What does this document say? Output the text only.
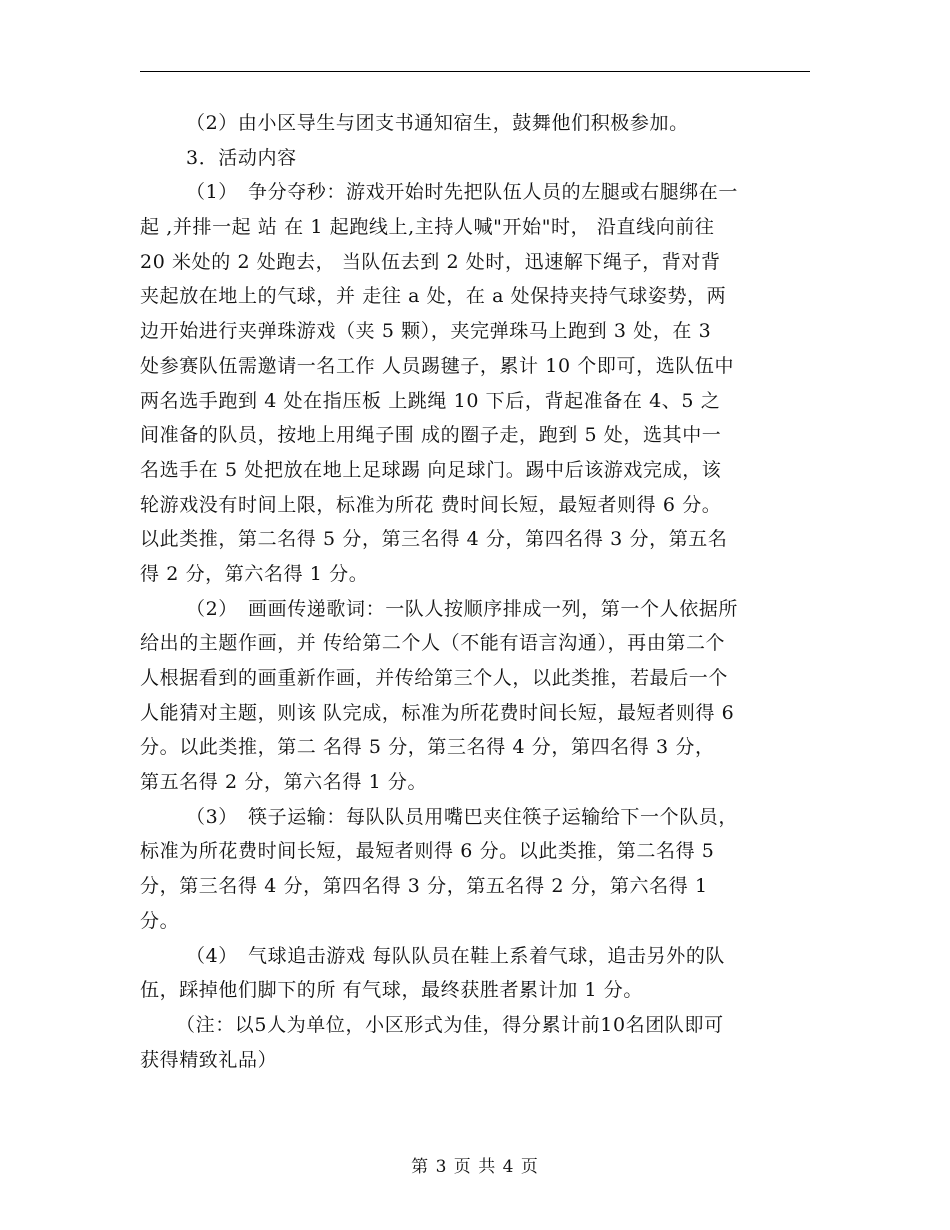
（2）由小区导生与团支书通知宿生，鼓舞他们积极参加。
3．活动内容
（1）　争分夺秒：游戏开始时先把队伍人员的左腿或右腿绑在一
起 ,并排一起 站 在 1 起跑线上,主持人喊"开始"时， 沿直线向前往
20 米处的 2 处跑去， 当队伍去到 2 处时，迅速解下绳子，背对背
夹起放在地上的气球，并 走往 a 处，在 a 处保持夹持气球姿势，两
边开始进行夹弹珠游戏（夹 5 颗），夹完弹珠马上跑到 3 处，在 3
处参赛队伍需邀请一名工作 人员踢毽子，累计 10 个即可，选队伍中
两名选手跑到 4 处在指压板 上跳绳 10 下后，背起准备在 4、5 之
间准备的队员，按地上用绳子围 成的圈子走，跑到 5 处，选其中一
名选手在 5 处把放在地上足球踢 向足球门。踢中后该游戏完成，该
轮游戏没有时间上限，标准为所花 费时间长短，最短者则得 6 分。
以此类推，第二名得 5 分，第三名得 4 分，第四名得 3 分，第五名
得 2 分，第六名得 1 分。
（2）　画画传递歌词：一队人按顺序排成一列，第一个人依据所
给出的主题作画，并 传给第二个人（不能有语言沟通），再由第二个
人根据看到的画重新作画，并传给第三个人，以此类推，若最后一个
人能猜对主题，则该 队完成，标准为所花费时间长短，最短者则得 6
分。以此类推，第二 名得 5 分，第三名得 4 分，第四名得 3 分，
第五名得 2 分，第六名得 1 分。
（3）　筷子运输：每队队员用嘴巴夹住筷子运输给下一个队员，
标准为所花费时间长短，最短者则得 6 分。以此类推，第二名得 5
分，第三名得 4 分，第四名得 3 分，第五名得 2 分，第六名得 1
分。
（4）　气球追击游戏 每队队员在鞋上系着气球，追击另外的队
伍，踩掉他们脚下的所 有气球，最终获胜者累计加 1 分。
（注：以5人为单位，小区形式为佳，得分累计前10名团队即可
获得精致礼品）
第 3 页 共 4 页
